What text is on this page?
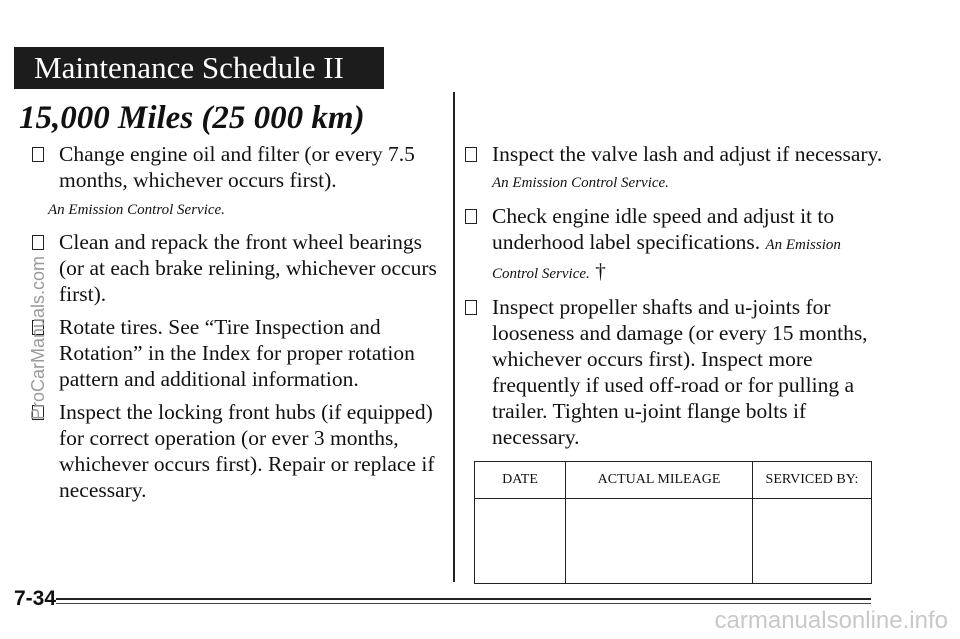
Maintenance Schedule II
15,000 Miles (25 000 km)
Change engine oil and filter (or every 7.5 months, whichever occurs first).
An Emission Control Service.
Clean and repack the front wheel bearings (or at each brake relining, whichever occurs first).
Rotate tires. See “Tire Inspection and Rotation” in the Index for proper rotation pattern and additional information.
Inspect the locking front hubs (if equipped) for correct operation (or ever 3 months, whichever occurs first). Repair or replace if necessary.
Inspect the valve lash and adjust if necessary. An Emission Control Service.
Check engine idle speed and adjust it to underhood label specifications. An Emission Control Service. †
Inspect propeller shafts and u-joints for looseness and damage (or every 15 months, whichever occurs first). Inspect more frequently if used off-road or for pulling a trailer. Tighten u-joint flange bolts if necessary.
DATE	ACTUAL MILEAGE	SERVICED BY:
7-34
ProCarManuals.com
carmanualsonline.info
